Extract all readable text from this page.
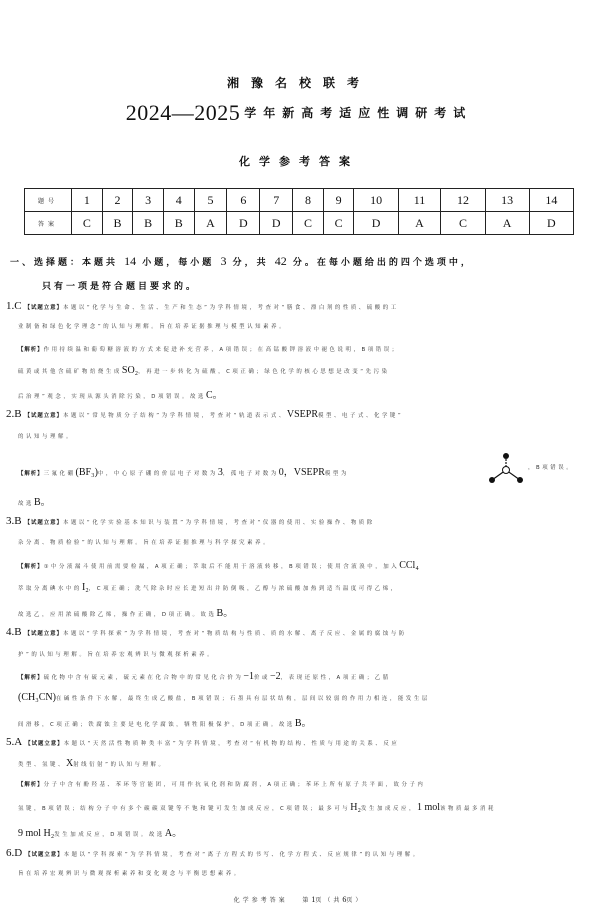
湘豫名校联考
2024—2025 学年新高考适应性调研考试
化学参考答案
题号	1	2	3	4	5	6	7	8	9	10	11	12	13	14
答案	C	B	B	B	A	D	D	C	C	D	A	C	A	D
一、选择题：本题共 14 小题，每小题 3 分，共 42 分。在每小题给出的四个选项中，
只有一项是符合题目要求的。
1.C 【试题立意】本题以“化学与生命、生活、生产和生态”为学科情境，考查对“膳食、漂白剂的性质、硫酸的工
业制备和绿色化学理念”的认知与理解。旨在培养证据推理与模型认知素养。
【解析】作用持续温和葡萄糖溶液的方式来促进补充营养，A项错误；在高锰酸钾溶液中褪色说明，B项错误；
硫黄或其他含硫矿物焙烧生成SO₂，再进一步转化为硫酸，C项正确；绿色化学的核心思想是改变“先污染
后治理”观念，实现从源头消除污染，D项错误。故选C。
2.B 【试题立意】本题以“常见物质分子结构”为学科情境，考查对“轨道表示式、VSEPR模型、电子式、化学键”
的认知与理解。
【解析】三氟化硼(BF₃)中，中心原子硼的价层电子对数为3，孤电子对数为0，VSEPR模型为
，B项错误。
故选B。
3.B 【试题立意】本题以“化学实验基本知识与装置”为学科情境，考查对“仪器的使用、实验操作、物质除
杂分离、物质检验”的认知与理解。旨在培养证据推理与科学探究素养。
【解析】①中分液漏斗使用前需要检漏，A项正确；萃取后不能用于溶液转移，B项错误；使用含液溴中，加入CCl₄
萃取分离碘水中的I₂，C项正确；洗气除杂时应长进短出并防倒吸，乙醇与浓硫酸加热到适当温度可得乙烯，
故选乙，应用浓硫酸除乙烯，操作正确，D项正确。故选B。
4.B 【试题立意】本题以“学科探索”为学科情境，考查对“物质结构与性质、质的水解、离子反应、金属的腐蚀与防
护”的认知与理解。旨在培养宏观辨识与微观探析素养。
【解析】硫化物中含有硫元素，硫元素在化合物中的常见化合价为−1价或−2，表现还原性，A项正确；乙腈
(CH₃CN)在碱性条件下水解，最终生成乙酸盐，B项错误；石墨具有层状结构，层间以较弱的作用力相连，能发生层
间滑移，C项正确；铁腐蚀主要是电化学腐蚀，牺牲阳极保护，D项正确。故选B。
5.A 【试题立意】本题以“天然活性物质种类丰富”为学科情境，考查对“有机物的结构、性质与用途的关系、反应
类型、氢键、X射线衍射”的认知与理解。
【解析】分子中含有酚羟基、苯环等官能团，可用作抗氧化剂和防腐剂，A项正确；苯环上所有原子共平面，故分子内
氢键，B项错误；结构分子中有多个碳碳双键等不饱和键可发生加成反应，C项错误；最多可与H₂发生加成反应，1 mol该物质最多消耗
9 mol H₂发生加成反应，D项错误。故选A。
6.D 【试题立意】本题以“学科探索”为学科情境，考查对“离子方程式的书写、化学方程式、反应规律”的认知与理解。
旨在培养宏观辨识与微观探析素养和变化观念与平衡思想素养。
化学参考答案 第1页（共6页）
